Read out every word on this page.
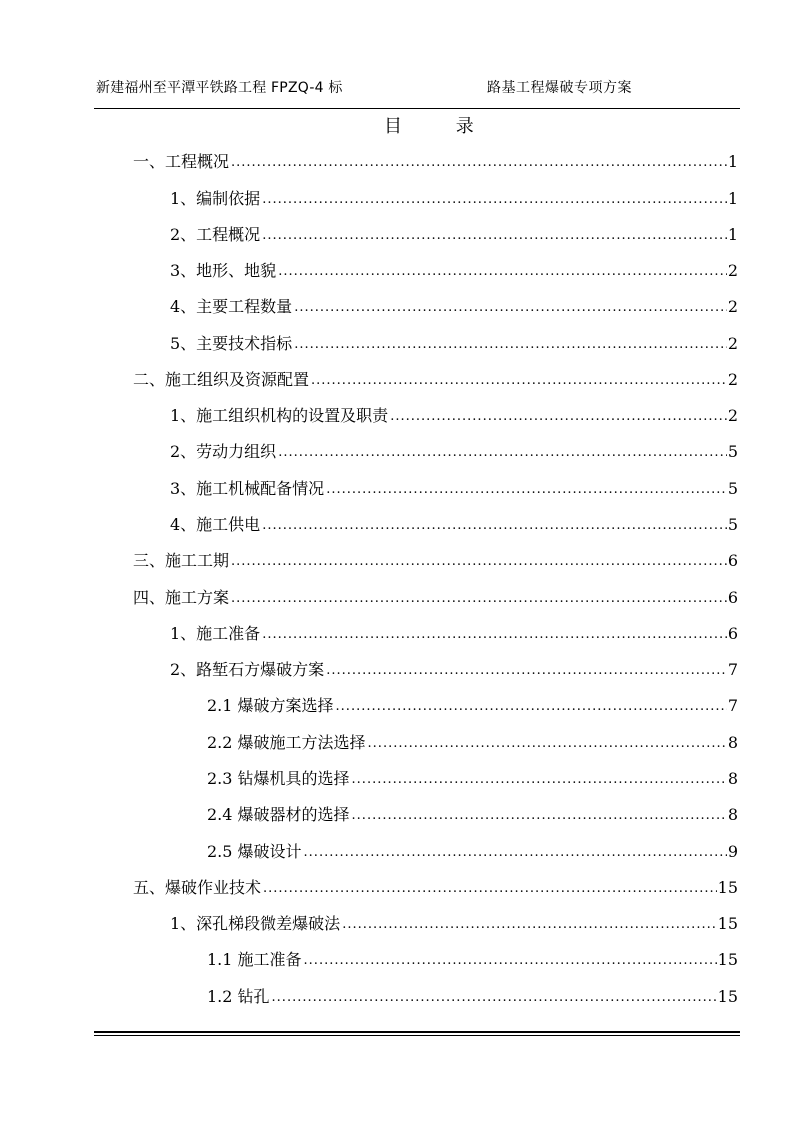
新建福州至平潭平铁路工程 FPZQ-4 标	路基工程爆破专项方案
目 录
一、工程概况 .....	1
1、编制依据 .....	1
2、工程概况 .....	1
3、地形、地貌 .....	2
4、主要工程数量 .....	2
5、主要技术指标 .....	2
二、施工组织及资源配置 .....	2
1、施工组织机构的设置及职责 .....	2
2、劳动力组织 .....	5
3、施工机械配备情况 .....	5
4、施工供电 .....	5
三、施工工期 .....	6
四、施工方案 .....	6
1、施工准备 .....	6
2、路堑石方爆破方案 .....	7
2.1 爆破方案选择 .....	7
2.2 爆破施工方法选择 .....	8
2.3 钻爆机具的选择 .....	8
2.4 爆破器材的选择 .....	8
2.5 爆破设计 .....	9
五、爆破作业技术 .....	15
1、深孔梯段微差爆破法 .....	15
1.1 施工准备 .....	15
1.2 钻孔 .....	15
